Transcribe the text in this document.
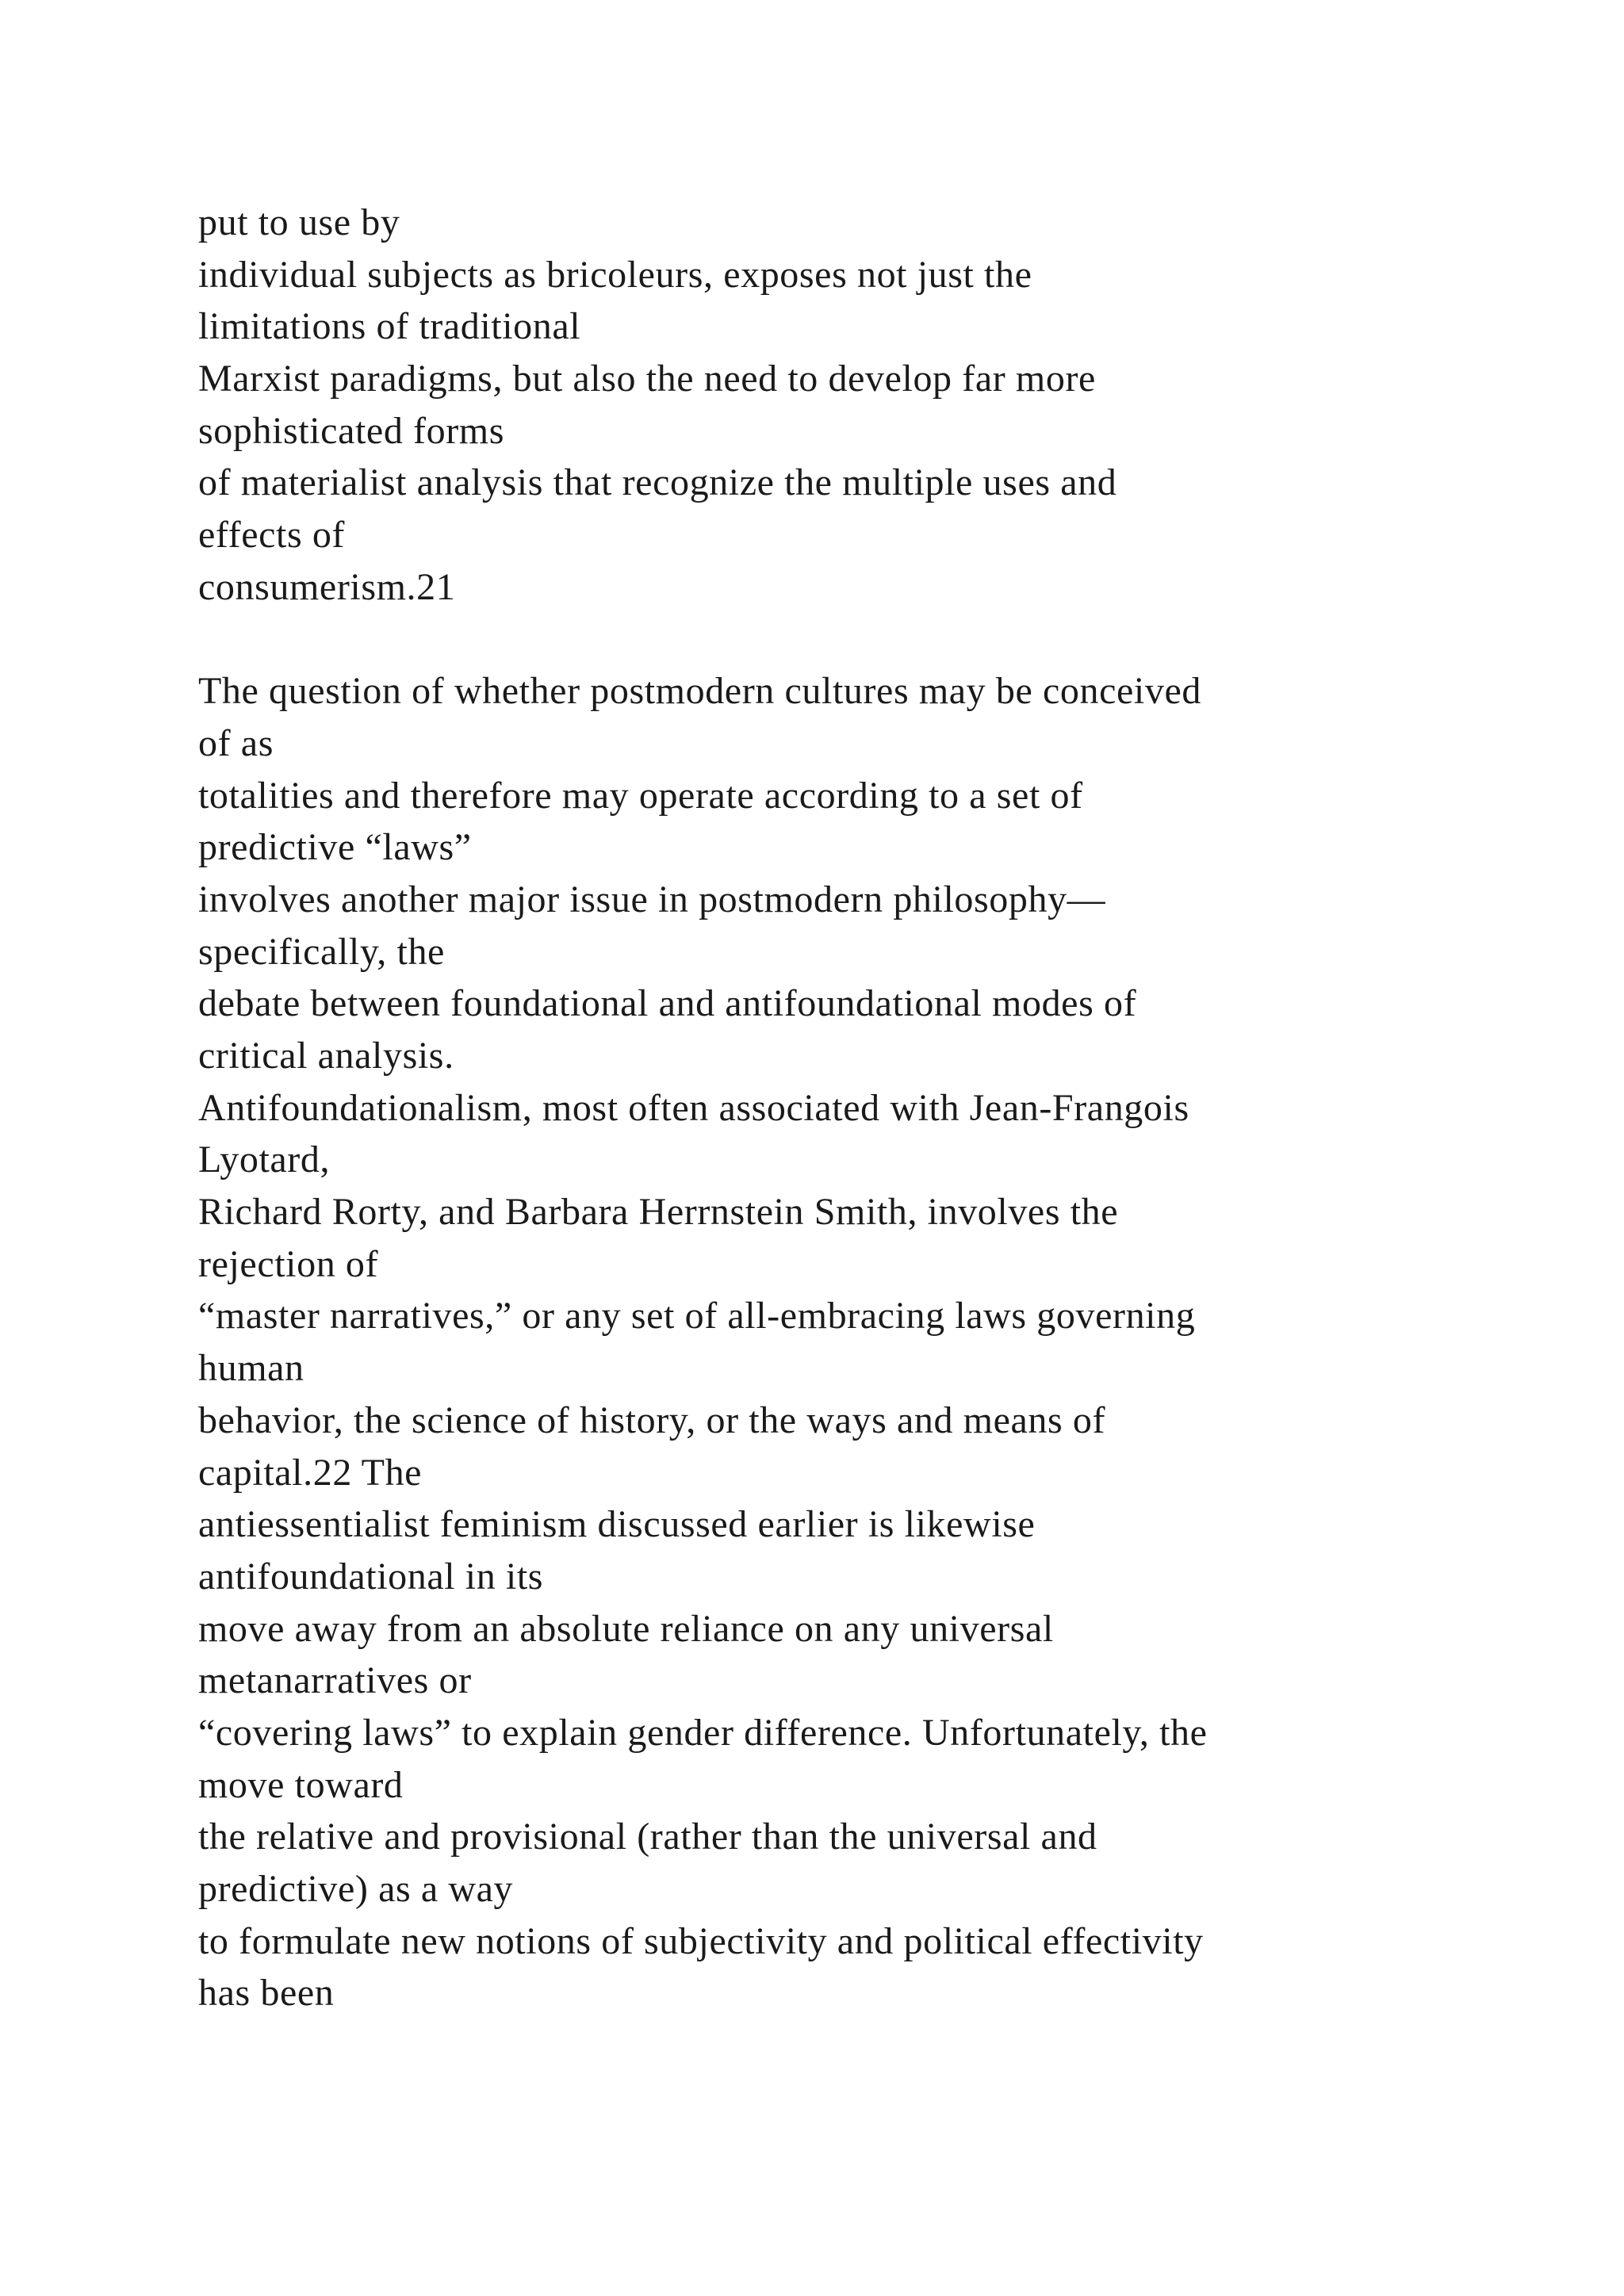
put to use by
individual subjects as bricoleurs, exposes not just the
limitations of traditional
Marxist paradigms, but also the need to develop far more
sophisticated forms
of materialist analysis that recognize the multiple uses and
effects of
consumerism.21
The question of whether postmodern cultures may be conceived
of as
totalities and therefore may operate according to a set of
predictive “laws”
involves another major issue in postmodern philosophy—
specifically, the
debate between foundational and antifoundational modes of
critical analysis.
Antifoundationalism, most often associated with Jean-Frangois
Lyotard,
Richard Rorty, and Barbara Herrnstein Smith, involves the
rejection of
“master narratives,” or any set of all-embracing laws governing
human
behavior, the science of history, or the ways and means of
capital.22 The
antiessentialist feminism discussed earlier is likewise
antifoundational in its
move away from an absolute reliance on any universal
metanarratives or
“covering laws” to explain gender difference. Unfortunately, the
move toward
the relative and provisional (rather than the universal and
predictive) as a way
to formulate new notions of subjectivity and political effectivity
has been
